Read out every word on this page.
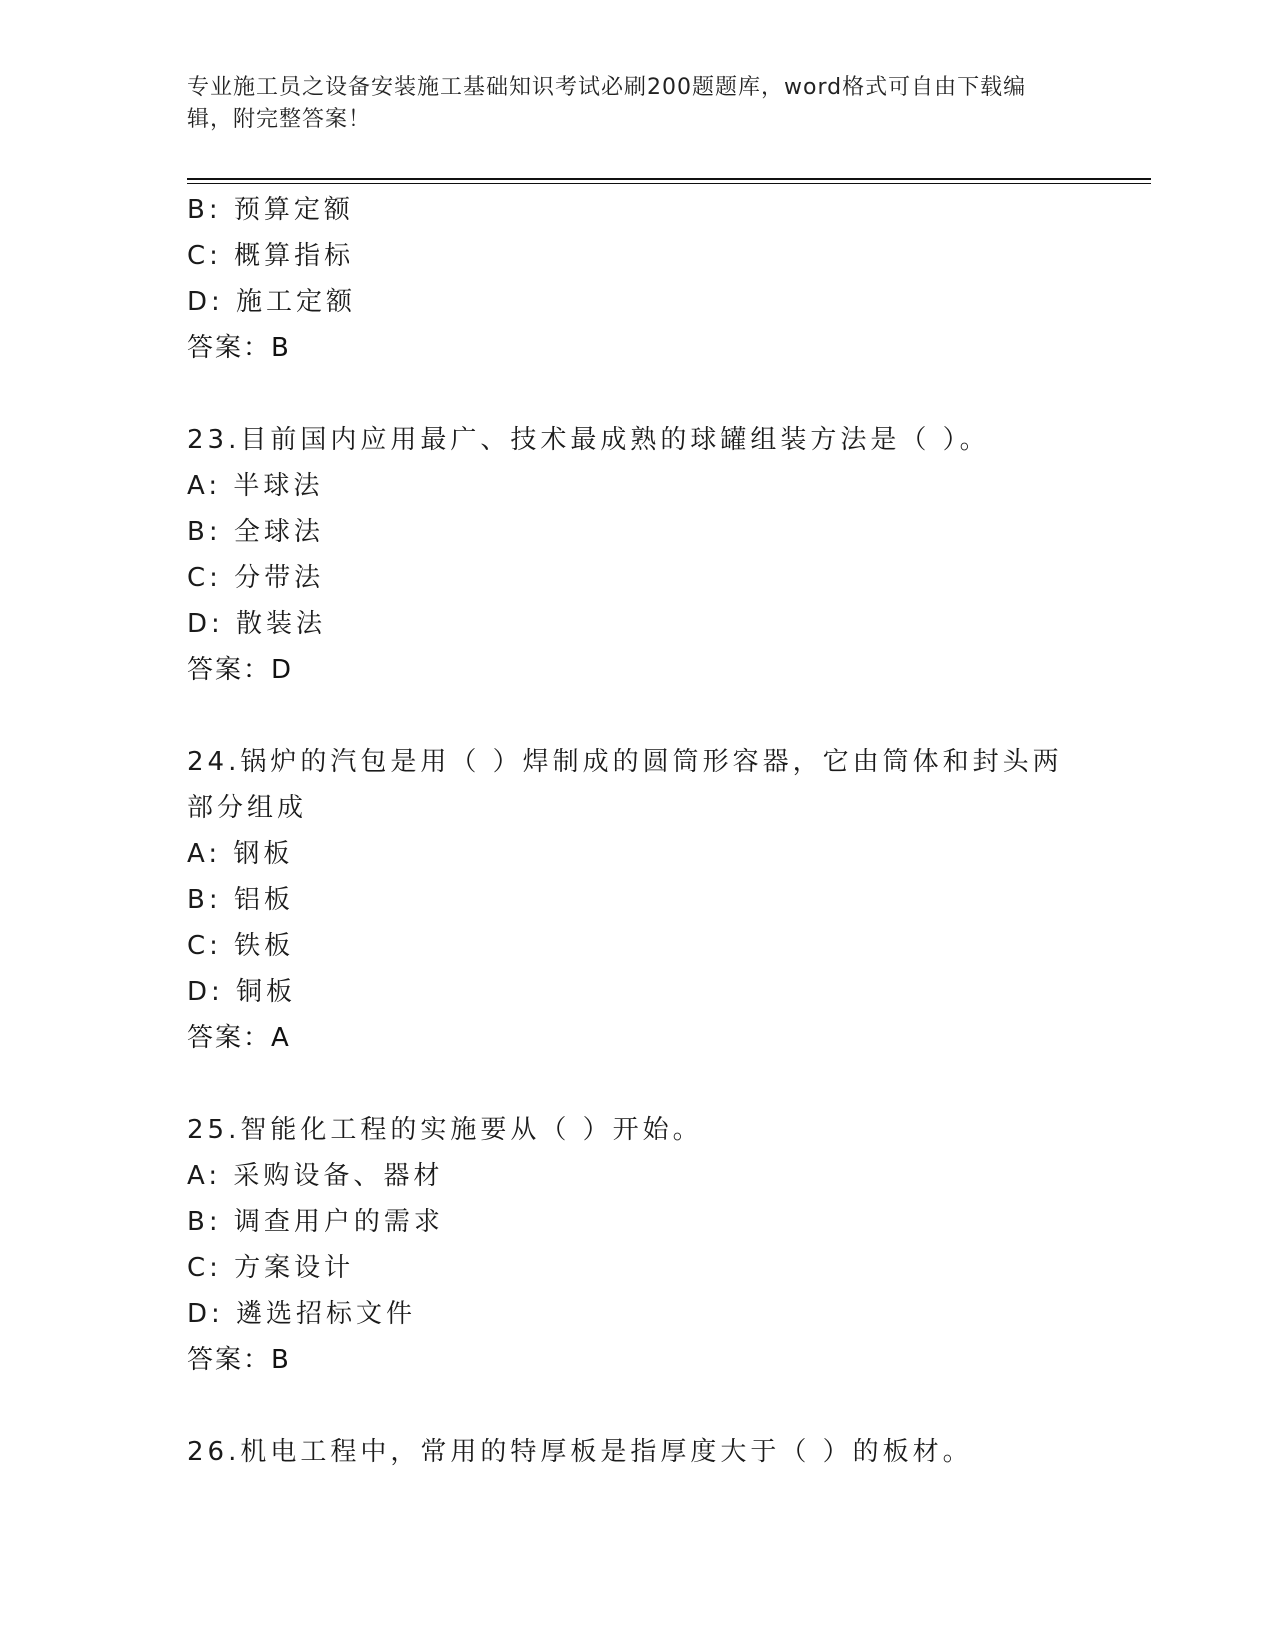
专业施工员之设备安装施工基础知识考试必刷200题题库，word格式可自由下载编辑，附完整答案！
B: 预算定额
C: 概算指标
D: 施工定额
答案：B
23.目前国内应用最广、技术最成熟的球罐组装方法是（ ）。
A: 半球法
B: 全球法
C: 分带法
D: 散装法
答案：D
24.锅炉的汽包是用（ ）焊制成的圆筒形容器，它由筒体和封头两部分组成
A: 钢板
B: 铝板
C: 铁板
D: 铜板
答案：A
25.智能化工程的实施要从（ ）开始。
A: 采购设备、器材
B: 调查用户的需求
C: 方案设计
D: 遴选招标文件
答案：B
26.机电工程中，常用的特厚板是指厚度大于（ ）的板材。
